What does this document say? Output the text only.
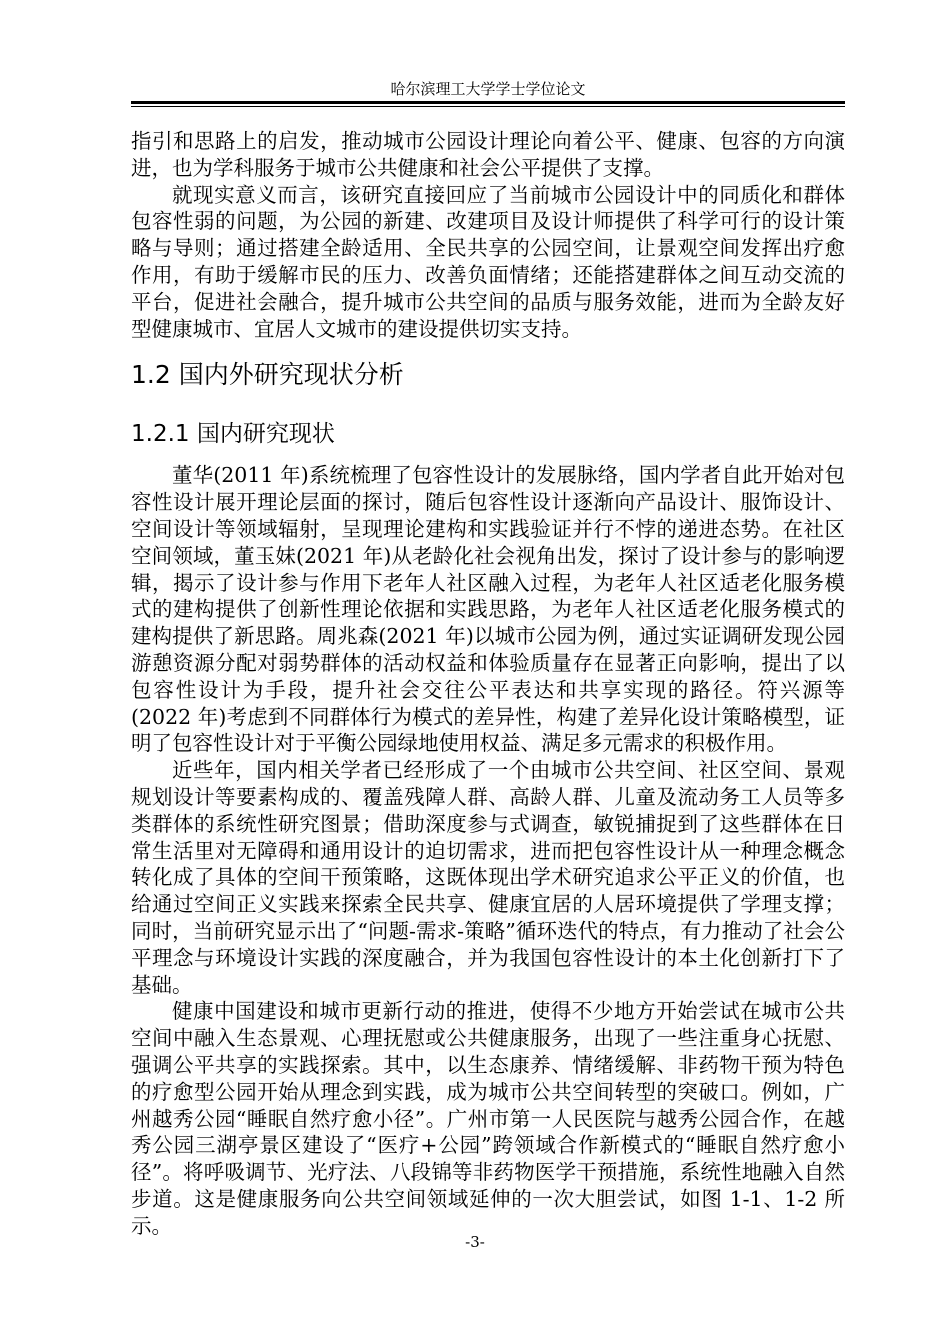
哈尔滨理工大学学士学位论文

指引和思路上的启发，推动城市公园设计理论向着公平、健康、包容的方向演进，也为学科服务于城市公共健康和社会公平提供了支撑。

就现实意义而言，该研究直接回应了当前城市公园设计中的同质化和群体包容性弱的问题，为公园的新建、改建项目及设计师提供了科学可行的设计策略与导则；通过搭建全龄适用、全民共享的公园空间，让景观空间发挥出疗愈作用，有助于缓解市民的压力、改善负面情绪；还能搭建群体之间互动交流的平台，促进社会融合，提升城市公共空间的品质与服务效能，进而为全龄友好型健康城市、宜居人文城市的建设提供切实支持。

1.2 国内外研究现状分析
1.2.1 国内研究现状

董华(2011 年)系统梳理了包容性设计的发展脉络，国内学者自此开始对包容性设计展开理论层面的探讨，随后包容性设计逐渐向产品设计、服饰设计、空间设计等领域辐射，呈现理论建构和实践验证并行不悖的递进态势。在社区空间领域，董玉妹(2021 年)从老龄化社会视角出发，探讨了设计参与的影响逻辑，揭示了设计参与作用下老年人社区融入过程，为老年人社区适老化服务模式的建构提供了创新性理论依据和实践思路，为老年人社区适老化服务模式的建构提供了新思路。周兆森(2021 年)以城市公园为例，通过实证调研发现公园游憩资源分配对弱势群体的活动权益和体验质量存在显著正向影响，提出了以包容性设计为手段，提升社会交往公平表达和共享实现的路径。符兴源等(2022 年)考虑到不同群体行为模式的差异性，构建了差异化设计策略模型，证明了包容性设计对于平衡公园绿地使用权益、满足多元需求的积极作用。

近些年，国内相关学者已经形成了一个由城市公共空间、社区空间、景观规划设计等要素构成的、覆盖残障人群、高龄人群、儿童及流动务工人员等多类群体的系统性研究图景；借助深度参与式调查，敏锐捕捉到了这些群体在日常生活里对无障碍和通用设计的迫切需求，进而把包容性设计从一种理念概念转化成了具体的空间干预策略，这既体现出学术研究追求公平正义的价值，也给通过空间正义实践来探索全民共享、健康宜居的人居环境提供了学理支撑；同时，当前研究显示出了“问题-需求-策略”循环迭代的特点，有力推动了社会公平理念与环境设计实践的深度融合，并为我国包容性设计的本土化创新打下了基础。

健康中国建设和城市更新行动的推进，使得不少地方开始尝试在城市公共空间中融入生态景观、心理抚慰或公共健康服务，出现了一些注重身心抚慰、强调公平共享的实践探索。其中，以生态康养、情绪缓解、非药物干预为特色的疗愈型公园开始从理念到实践，成为城市公共空间转型的突破口。例如，广州越秀公园“睡眠自然疗愈小径”。广州市第一人民医院与越秀公园合作，在越秀公园三湖亭景区建设了“医疗+公园”跨领域合作新模式的“睡眠自然疗愈小径”。将呼吸调节、光疗法、八段锦等非药物医学干预措施，系统性地融入自然步道。这是健康服务向公共空间领域延伸的一次大胆尝试，如图 1-1、1-2 所示。

-3-
